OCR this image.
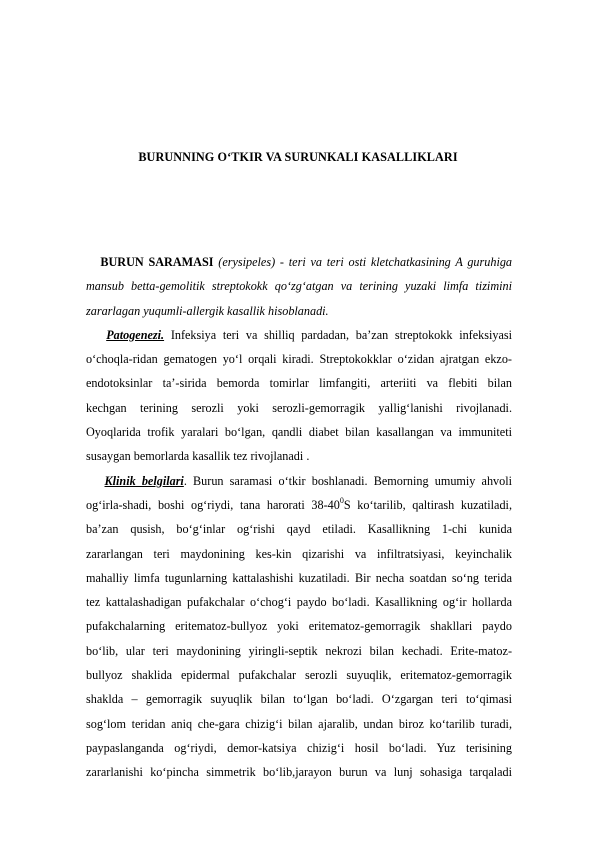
BURUNNING O‘TKIR VA SURUNKALI KASALLIKLARI
BURUN SARAMASI (erysipeles) - teri va teri osti kletchatkasining A guruhiga
mansub betta-gemolitik streptokokk qo‘zg‘atgan va terining yuzaki limfa tizimini
zararlagan yuqumli-allergik kasallik hisoblanadi.
Patogenezi. Infeksiya teri va shilliq pardadan, ba’zan streptokokk infeksiyasi
o‘choqla-ridan gematogen yo‘l orqali kiradi. Streptokokklar o‘zidan ajratgan ekzo-
endotoksinlar ta’-sirida bemorda tomirlar limfangiti, arteriiti va flebiti bilan
kechgan terining serozli yoki serozli-gemorragik yallig‘lanishi rivojlanadi.
Oyoqlarida trofik yaralari bo‘lgan, qandli diabet bilan kasallangan va immuniteti
susaygan bemorlarda kasallik tez rivojlanadi .
Klinik belgilari. Burun saramasi o‘tkir boshlanadi. Bemorning umumiy ahvoli
og‘irla-shadi, boshi og‘riydi, tana harorati $38-40^0S$ ko‘tarilib, qaltirash kuzatiladi,
ba’zan qusish, bo‘g‘inlar og‘rishi qayd etiladi. Kasallikning 1-chi kunida
zararlangan teri maydonining kes-kin qizarishi va infiltratsiyasi, keyinchalik
mahalliy limfa tugunlarning kattalashishi kuzatiladi. Bir necha soatdan so‘ng terida
tez kattalashadigan pufakchalar o‘chog‘i paydo bo‘ladi. Kasallikning og‘ir hollarda
pufakchalarning eritematoz-bullyoz yoki eritematoz-gemorragik shakllari paydo
bo‘lib, ular teri maydonining yiringli-septik nekrozi bilan kechadi. Erite-matoz-
bullyoz shaklida epidermal pufakchalar serozli suyuqlik, eritematoz-gemorragik
shaklda – gemorragik suyuqlik bilan to‘lgan bo‘ladi. O‘zgargan teri to‘qimasi
sog‘lom teridan aniq che-gara chizig‘i bilan ajaralib, undan biroz ko‘tarilib turadi,
paypaslanganda og‘riydi, demor-katsiya chizig‘i hosil bo‘ladi. Yuz terisining
zararlanishi ko‘pincha simmetrik bo‘lib,jarayon burun va lunj sohasiga tarqaladi
